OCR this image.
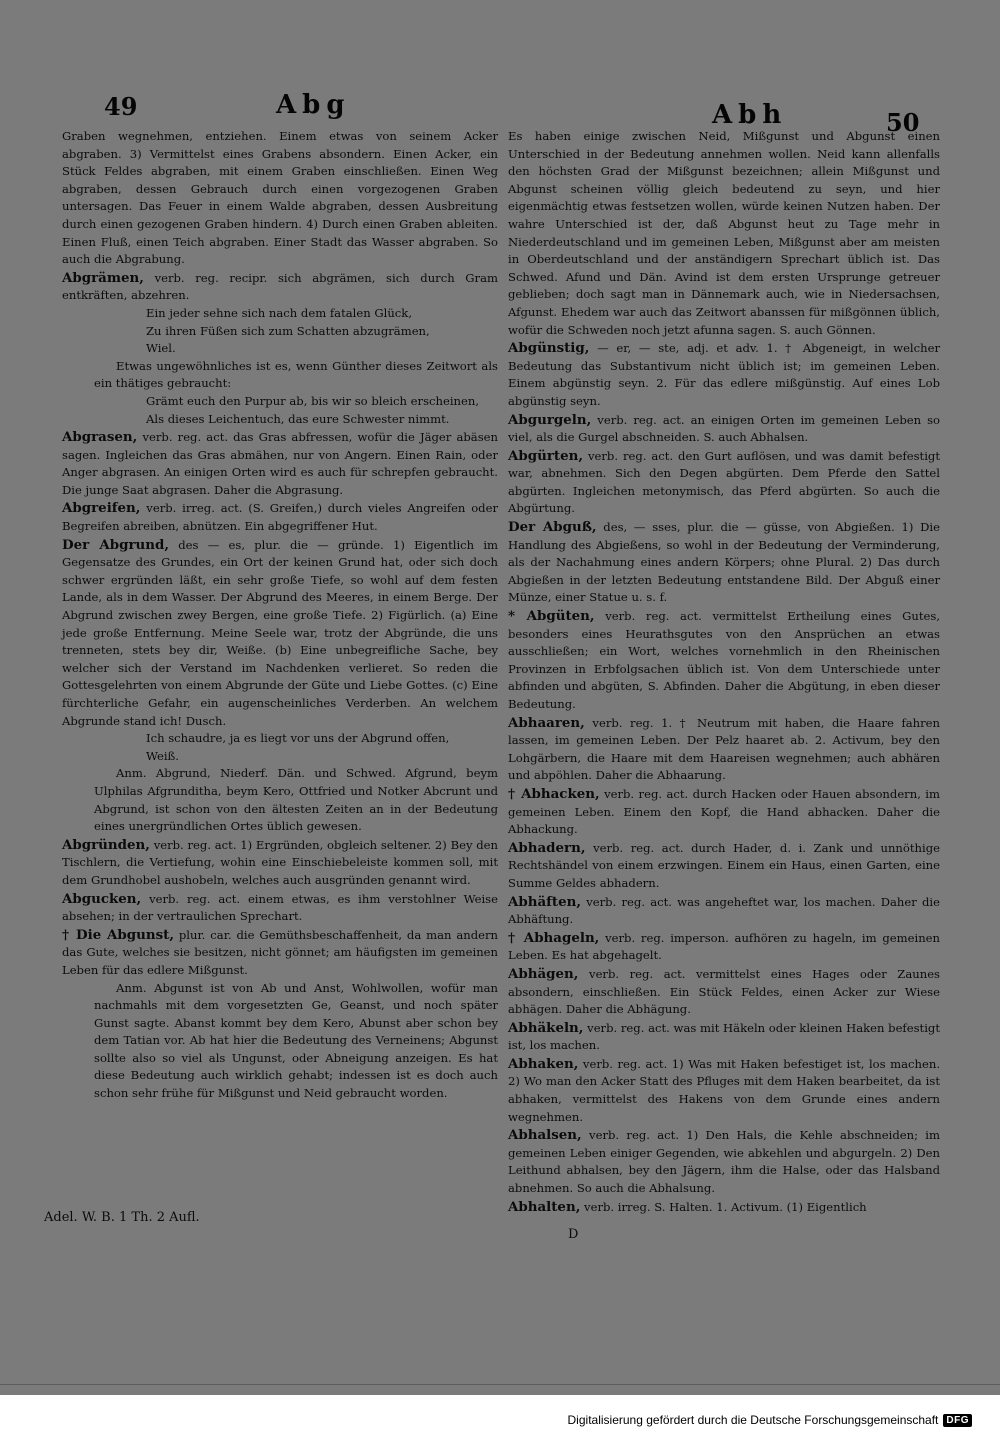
49	Abg	Abh	50

Graben wegnehmen, entziehen. Einem etwas von seinem Acker abgraben. 3) Vermittelst eines Grabens absondern. Einen Acker, ein Stück Feldes abgraben, mit einem Graben einschließen. Einen Weg abgraben, dessen Gebrauch durch einen vorgezogenen Graben untersagen. Das Feuer in einem Walde abgraben, dessen Ausbreitung durch einen gezogenen Graben hindern. 4) Durch einen Graben ableiten. Einen Fluß, einen Teich abgraben. Einer Stadt das Wasser abgraben. So auch die Abgrabung.

Abgrämen, verb. reg. recipr. sich abgrämen, sich durch Gram entkräften, abzehren.

Ein jeder sehne sich nach dem fatalen Glück,

Zu ihren Füßen sich zum Schatten abzugrämen,

Wiel.

Etwas ungewöhnliches ist es, wenn Günther dieses Zeitwort als ein thätiges gebraucht:

Grämt euch den Purpur ab, bis wir so bleich erscheinen,

Als dieses Leichentuch, das eure Schwester nimmt.

Abgrasen, verb. reg. act. das Gras abfressen, wofür die Jäger abäsen sagen. Ingleichen das Gras abmähen, nur von Angern. Einen Rain, oder Anger abgrasen. An einigen Orten wird es auch für schrepfen gebraucht. Die junge Saat abgrasen. Daher die Abgrasung.

Abgreifen, verb. irreg. act. (S. Greifen,) durch vieles Angreifen oder Begreifen abreiben, abnützen. Ein abgegriffener Hut.

Der Abgrund, des — es, plur. die — gründe. 1) Eigentlich im Gegensatze des Grundes, ein Ort der keinen Grund hat, oder sich doch schwer ergründen läßt, ein sehr große Tiefe, so wohl auf dem festen Lande, als in dem Wasser. Der Abgrund des Meeres, in einem Berge. Der Abgrund zwischen zwey Bergen, eine große Tiefe. 2) Figürlich. (a) Eine jede große Entfernung. Meine Seele war, trotz der Abgründe, die uns trenneten, stets bey dir, Weiße. (b) Eine unbegreifliche Sache, bey welcher sich der Verstand im Nachdenken verlieret. So reden die Gottesgelehrten von einem Abgrunde der Güte und Liebe Gottes. (c) Eine fürchterliche Gefahr, ein augenscheinliches Verderben. An welchem Abgrunde stand ich! Dusch.

Ich schaudre, ja es liegt vor uns der Abgrund offen,

Weiß.

Anm. Abgrund, Niederf. Dän. und Schwed. Afgrund, beym Ulphilas Afgrunditha, beym Kero, Ottfried und Notker Abcrunt und Abgrund, ist schon von den ältesten Zeiten an in der Bedeutung eines unergründlichen Ortes üblich gewesen.

Abgründen, verb. reg. act. 1) Ergründen, obgleich seltener. 2) Bey den Tischlern, die Vertiefung, wohin eine Einschiebeleiste kommen soll, mit dem Grundhobel aushobeln, welches auch ausgründen genannt wird.

Abgucken, verb. reg. act. einem etwas, es ihm verstohlner Weise absehen; in der vertraulichen Sprechart.

† Die Abgunst, plur. car. die Gemüthsbeschaffenheit, da man andern das Gute, welches sie besitzen, nicht gönnet; am häufigsten im gemeinen Leben für das edlere Mißgunst.

Anm. Abgunst ist von Ab und Anst, Wohlwollen, wofür man nachmahls mit dem vorgesetzten Ge, Geanst, und noch später Gunst sagte. Abanst kommt bey dem Kero, Abunst aber schon bey dem Tatian vor. Ab hat hier die Bedeutung des Verneinens; Abgunst sollte also so viel als Ungunst, oder Abneigung anzeigen. Es hat diese Bedeutung auch wirklich gehabt; indessen ist es doch auch schon sehr frühe für Mißgunst und Neid gebraucht worden.

Es haben einige zwischen Neid, Mißgunst und Abgunst einen Unterschied in der Bedeutung annehmen wollen. Neid kann allenfalls den höchsten Grad der Mißgunst bezeichnen; allein Mißgunst und Abgunst scheinen völlig gleich bedeutend zu seyn, und hier eigenmächtig etwas festsetzen wollen, würde keinen Nutzen haben. Der wahre Unterschied ist der, daß Abgunst heut zu Tage mehr in Niederdeutschland und im gemeinen Leben, Mißgunst aber am meisten in Oberdeutschland und der anständigern Sprechart üblich ist. Das Schwed. Afund und Dän. Avind ist dem ersten Ursprunge getreuer geblieben; doch sagt man in Dännemark auch, wie in Niedersachsen, Afgunst. Ehedem war auch das Zeitwort abanssen für mißgönnen üblich, wofür die Schweden noch jetzt afunna sagen. S. auch Gönnen.

Abgünstig, — er, — ste, adj. et adv. 1. † Abgeneigt, in welcher Bedeutung das Substantivum nicht üblich ist; im gemeinen Leben. Einem abgünstig seyn. 2. Für das edlere mißgünstig. Auf eines Lob abgünstig seyn.

Abgurgeln, verb. reg. act. an einigen Orten im gemeinen Leben so viel, als die Gurgel abschneiden. S. auch Abhalsen.

Abgürten, verb. reg. act. den Gurt auflösen, und was damit befestigt war, abnehmen. Sich den Degen abgürten. Dem Pferde den Sattel abgürten. Ingleichen metonymisch, das Pferd abgürten. So auch die Abgürtung.

Der Abguß, des, — sses, plur. die — güsse, von Abgießen. 1) Die Handlung des Abgießens, so wohl in der Bedeutung der Verminderung, als der Nachahmung eines andern Körpers; ohne Plural. 2) Das durch Abgießen in der letzten Bedeutung entstandene Bild. Der Abguß einer Münze, einer Statue u. s. f.

* Abgüten, verb. reg. act. vermittelst Ertheilung eines Gutes, besonders eines Heurathsgutes von den Ansprüchen an etwas ausschließen; ein Wort, welches vornehmlich in den Rheinischen Provinzen in Erbfolgsachen üblich ist. Von dem Unterschiede unter abfinden und abgüten, S. Abfinden. Daher die Abgütung, in eben dieser Bedeutung.

Abhaaren, verb. reg. 1. † Neutrum mit haben, die Haare fahren lassen, im gemeinen Leben. Der Pelz haaret ab. 2. Activum, bey den Lohgärbern, die Haare mit dem Haareisen wegnehmen; auch abhären und abpöhlen. Daher die Abhaarung.

† Abhacken, verb. reg. act. durch Hacken oder Hauen absondern, im gemeinen Leben. Einem den Kopf, die Hand abhacken. Daher die Abhackung.

Abhadern, verb. reg. act. durch Hader, d. i. Zank und unnöthige Rechtshändel von einem erzwingen. Einem ein Haus, einen Garten, eine Summe Geldes abhadern.

Abhäften, verb. reg. act. was angeheftet war, los machen. Daher die Abhäftung.

† Abhageln, verb. reg. imperson. aufhören zu hageln, im gemeinen Leben. Es hat abgehagelt.

Abhägen, verb. reg. act. vermittelst eines Hages oder Zaunes absondern, einschließen. Ein Stück Feldes, einen Acker zur Wiese abhägen. Daher die Abhägung.

Abhäkeln, verb. reg. act. was mit Häkeln oder kleinen Haken befestigt ist, los machen.

Abhaken, verb. reg. act. 1) Was mit Haken befestiget ist, los machen. 2) Wo man den Acker Statt des Pfluges mit dem Haken bearbeitet, da ist abhaken, vermittelst des Hakens von dem Grunde eines andern wegnehmen.

Abhalsen, verb. reg. act. 1) Den Hals, die Kehle abschneiden; im gemeinen Leben einiger Gegenden, wie abkehlen und abgurgeln. 2) Den Leithund abhalsen, bey den Jägern, ihm die Halse, oder das Halsband abnehmen. So auch die Abhalsung.

Abhalten, verb. irreg. S. Halten. 1. Activum. (1) Eigentlich

Adel. W. B. 1 Th. 2 Aufl.
D
Digitalisierung gefördert durch die Deutsche Forschungsgemeinschaft DFG
